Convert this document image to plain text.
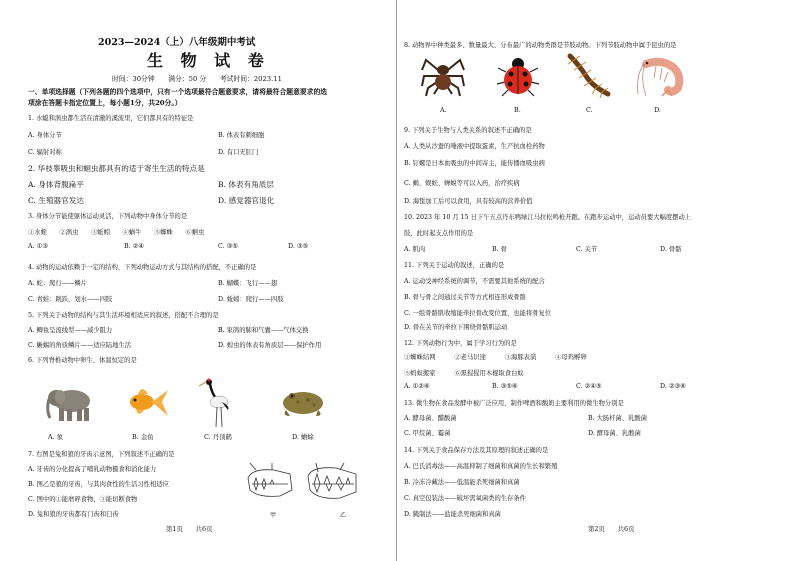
2023—2024（上）八年级期中考试
生 物 试 卷
时间：30分钟　　满分：50 分　　考试时间：2023.11
一、单项选择题（下列各题的四个选项中，只有一个选项最符合题意要求，请将最符合题意要求的选
项涂在答题卡指定位置上，每小题1分，共20分。）
1. 水螅和涡虫都生活在清澈的溪流里，它们都具有的特征是
A. 身体分节	B. 体表有刺细胞
C. 辐射对称	D. 有口无肛门
2. 华枝睾吸虫和蛔虫都具有的适于寄生生活的特点是
A. 身体背腹扁平	B. 体表有角质层
C. 生殖器官发达	D. 感觉器官退化
3. 身体分节能使躯体运动灵活，下列动物中身体分节的是
①水蛭　　②涡虫　　③蚯蚓　　④蜗牛　　⑤蜘蛛　　⑥蛔虫
A. ①③	B. ②④	C. ③⑤	D. ③⑤
4. 动物的运动依赖于一定的结构，下列动物运动方式与其结构的搭配，不正确的是
A. 蛇：爬行——鳞片	B. 蝴蝶：飞行——翅
C. 青蛙：跳跃、划水——四肢	D. 蚯蚓：爬行——四肢
5. 下列关于动物的结构与其生活环境相适应的叙述，搭配不合理的是
A. 鲫鱼呈流线型——减少阻力	B. 家鸽的肺和气囊——气体交换
C. 蜥蜴的角质鳞片——适应陆地生活	D. 蝗虫的体表有角质层——保护作用
6. 下列脊椎动物中卵生、体温恒定的是
A. 象	B. 金鱼	C. 丹顶鹤	D. 蟾蜍
7. 右图是兔和狼的牙齿示意图，下列叙述不正确的是
A. 牙齿的分化提高了哺乳动物摄食和消化能力
B. 图乙是狼的牙齿，与其肉食性的生活习性相适应
C. 图中的①能磨碎食物，③能切断食物
D. 兔和狼的牙齿都有门齿和臼齿	甲	乙
第1页　　共6页
8. 动物界中种类最多、数量最大、分布最广的动物类群是节肢动物。下列节肢动物中属于昆虫的是
A.	B.	C.	D.
9. 下列关于生物与人类关系的叙述不正确的是
A. 人类从沙蚕的唾液中提取蛋素，生产抗血栓药物
B. 钉螺是日本血吸虫的中间寄主，能传播血吸虫病
C. 蝎、蜈蚣、蝉蜕等可以入药，治疗疾病
D. 海蜇加工后可以食用，具有较高的营养价值
10. 2023 年 10 月 15 日下午五点丹东鸭绿江马拉松鸣枪开跑。在跑步运动中，运动员要大幅度摆动上
肢，此时起支点作用的是
A. 肌肉	B. 骨	C. 关节	D. 骨骼
11. 下列关于运动的叙述，正确的是
A. 运动受神经系统的调节，不需要其他系统的配合
B. 骨与骨之间通过关节等方式相连形成骨骼
C. 一组骨骼肌收缩能牵拉骨改变位置，也能将骨复位
D. 骨在关节的牵拉下围绕骨骼肌运动
12. 下列动物行为中，属于学习行为的是
①蜘蛛结网　　　②老马识途　　　③海豚表演　　　④母鸡孵卵
⑤蚂蚁搬家　　　⑥黑猩猩用木棍取食白蚁
A. ①②⑥	B. ③⑤⑥	C. ②④⑤	D. ②③⑥
13. 微生物在食品发酵中被广泛应用，制作啤酒和酸奶主要利用的微生物分别是
A. 酵母菌、醋酸菌	B. 大肠杆菌、乳酸菌
C. 甲烷菌、霉菌	D. 酵母菌、乳酸菌
14. 下列关于食品保存方法及其原理的叙述正确的是
A. 巴氏消毒法——高温抑制了细菌和真菌的生长和繁殖
B. 冷冻冷藏法——低温能杀死细菌和真菌
C. 真空包装法——破坏需氧菌类的生存条件
D. 腌制法——盐能杀死细菌和真菌
第2页　　共6页
